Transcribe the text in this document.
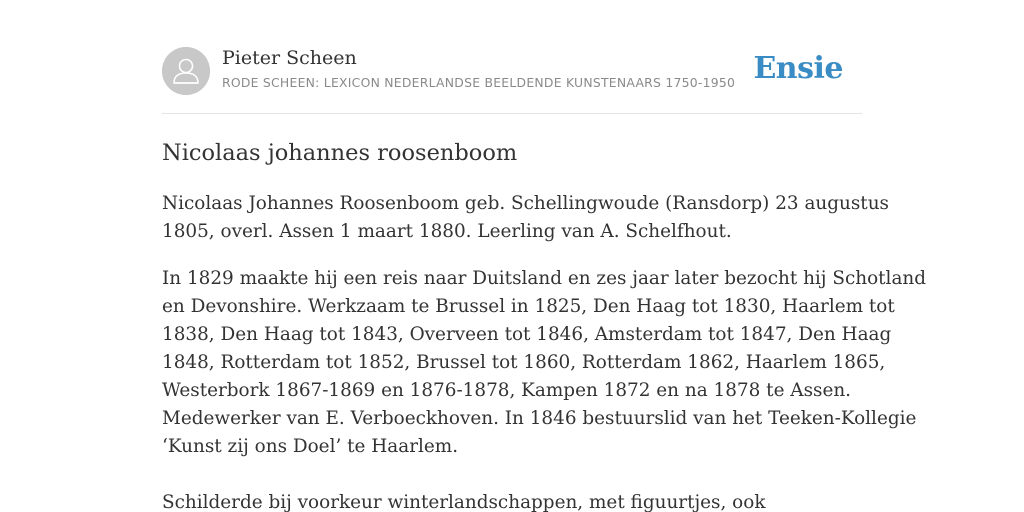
Pieter Scheen
RODE SCHEEN: LEXICON NEDERLANDSE BEELDENDE KUNSTENAARS 1750-1950 Ensie
Nicolaas johannes roosenboom

Nicolaas Johannes Roosenboom geb. Schellingwoude (Ransdorp) 23 augustus
1805, overl. Assen 1 maart 1880. Leerling van A. Schelfhout.

In 1829 maakte hij een reis naar Duitsland en zes jaar later bezocht hij Schotland
en Devonshire. Werkzaam te Brussel in 1825, Den Haag tot 1830, Haarlem tot
1838, Den Haag tot 1843, Overveen tot 1846, Amsterdam tot 1847, Den Haag
1848, Rotterdam tot 1852, Brussel tot 1860, Rotterdam 1862, Haarlem 1865,
Westerbork 1867-1869 en 1876-1878, Kampen 1872 en na 1878 te Assen.
Medewerker van E. Verboeckhoven. In 1846 bestuurslid van het Teeken-Kollegie
‘Kunst zij ons Doel’ te Haarlem.

Schilderde bij voorkeur winterlandschappen, met figuurtjes, ook
